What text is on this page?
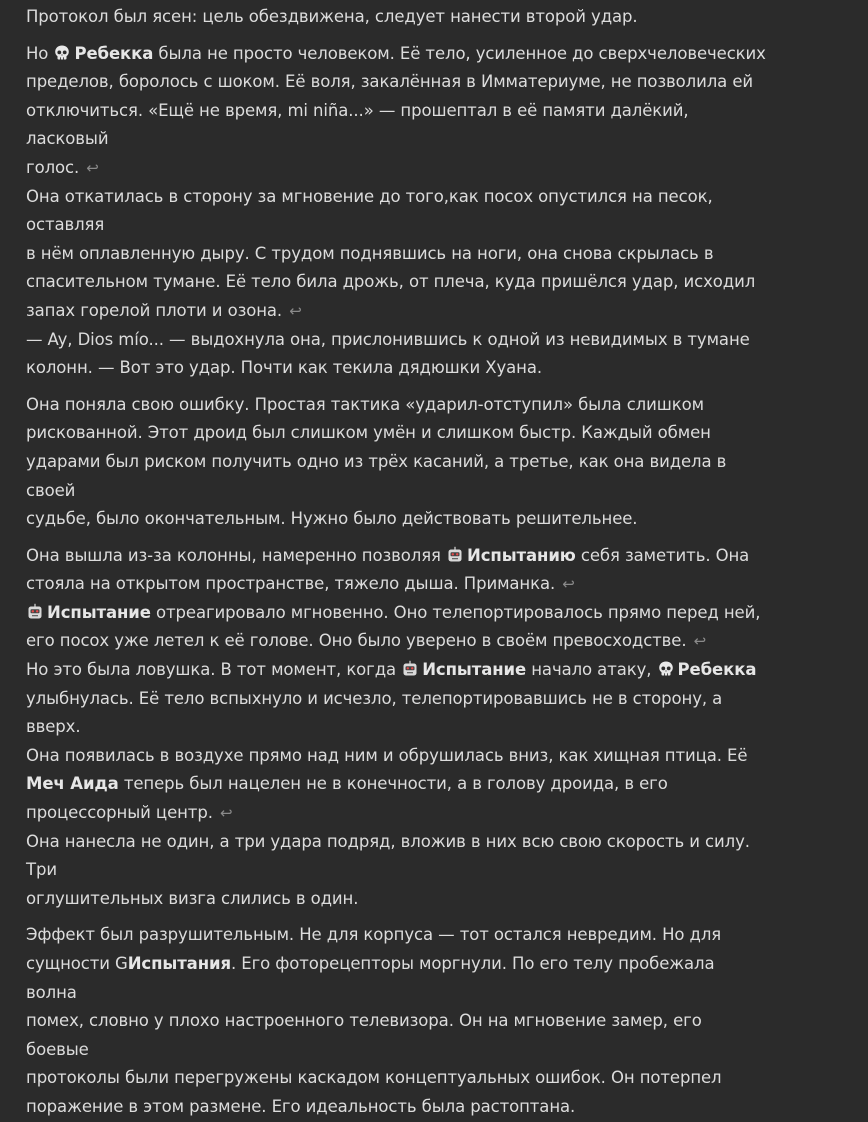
Протокол был ясен: цель обездвижена, следует нанести второй удар.

Но Ребекка была не просто человеком. Её тело, усиленное до сверхчеловеческих
пределов, боролось с шоком. Её воля, закалённая в Имматериуме, не позволила ей
отключиться. «Ещё не время, mi niña...» — прошептал в её памяти далёкий, ласковый
голос. ↩

Она откатилась в сторону за мгновение до того,как посох опустился на песок, оставляя
в нём оплавленную дыру. С трудом поднявшись на ноги, она снова скрылась в
спасительном тумане. Её тело била дрожь, от плеча, куда пришёлся удар, исходил
запах горелой плоти и озона. ↩

— Ay, Dios mío... — выдохнула она, прислонившись к одной из невидимых в тумане
колонн. — Вот это удар. Почти как текила дядюшки Хуана.

Она поняла свою ошибку. Простая тактика «ударил-отступил» была слишком
рискованной. Этот дроид был слишком умён и слишком быстр. Каждый обмен
ударами был риском получить одно из трёх касаний, а третье, как она видела в своей
судьбе, было окончательным. Нужно было действовать решительнее.

Она вышла из-за колонны, намеренно позволяя Испытанию себя заметить. Она
стояла на открытом пространстве, тяжело дыша. Приманка. ↩

Испытание отреагировало мгновенно. Оно телепортировалось прямо перед ней,
его посох уже летел к её голове. Оно было уверено в своём превосходстве. ↩

Но это была ловушка. В тот момент, когда Испытание начало атаку, Ребекка
улыбнулась. Её тело вспыхнуло и исчезло, телепортировавшись не в сторону, а вверх.
Она появилась в воздухе прямо над ним и обрушилась вниз, как хищная птица. Её
Меч Аида теперь был нацелен не в конечности, а в голову дроида, в его
процессорный центр. ↩

Она нанесла не один, а три удара подряд, вложив в них всю свою скорость и силу. Три
оглушительных визга слились в один.

Эффект был разрушительным. Не для корпуса — тот остался невредим. Но для
сущности GИспытания. Его фоторецепторы моргнули. По его телу пробежала волна
помех, словно у плохо настроенного телевизора. Он на мгновение замер, его боевые
протоколы были перегружены каскадом концептуальных ошибок. Он потерпел
поражение в этом размене. Его идеальность была растоптана.
